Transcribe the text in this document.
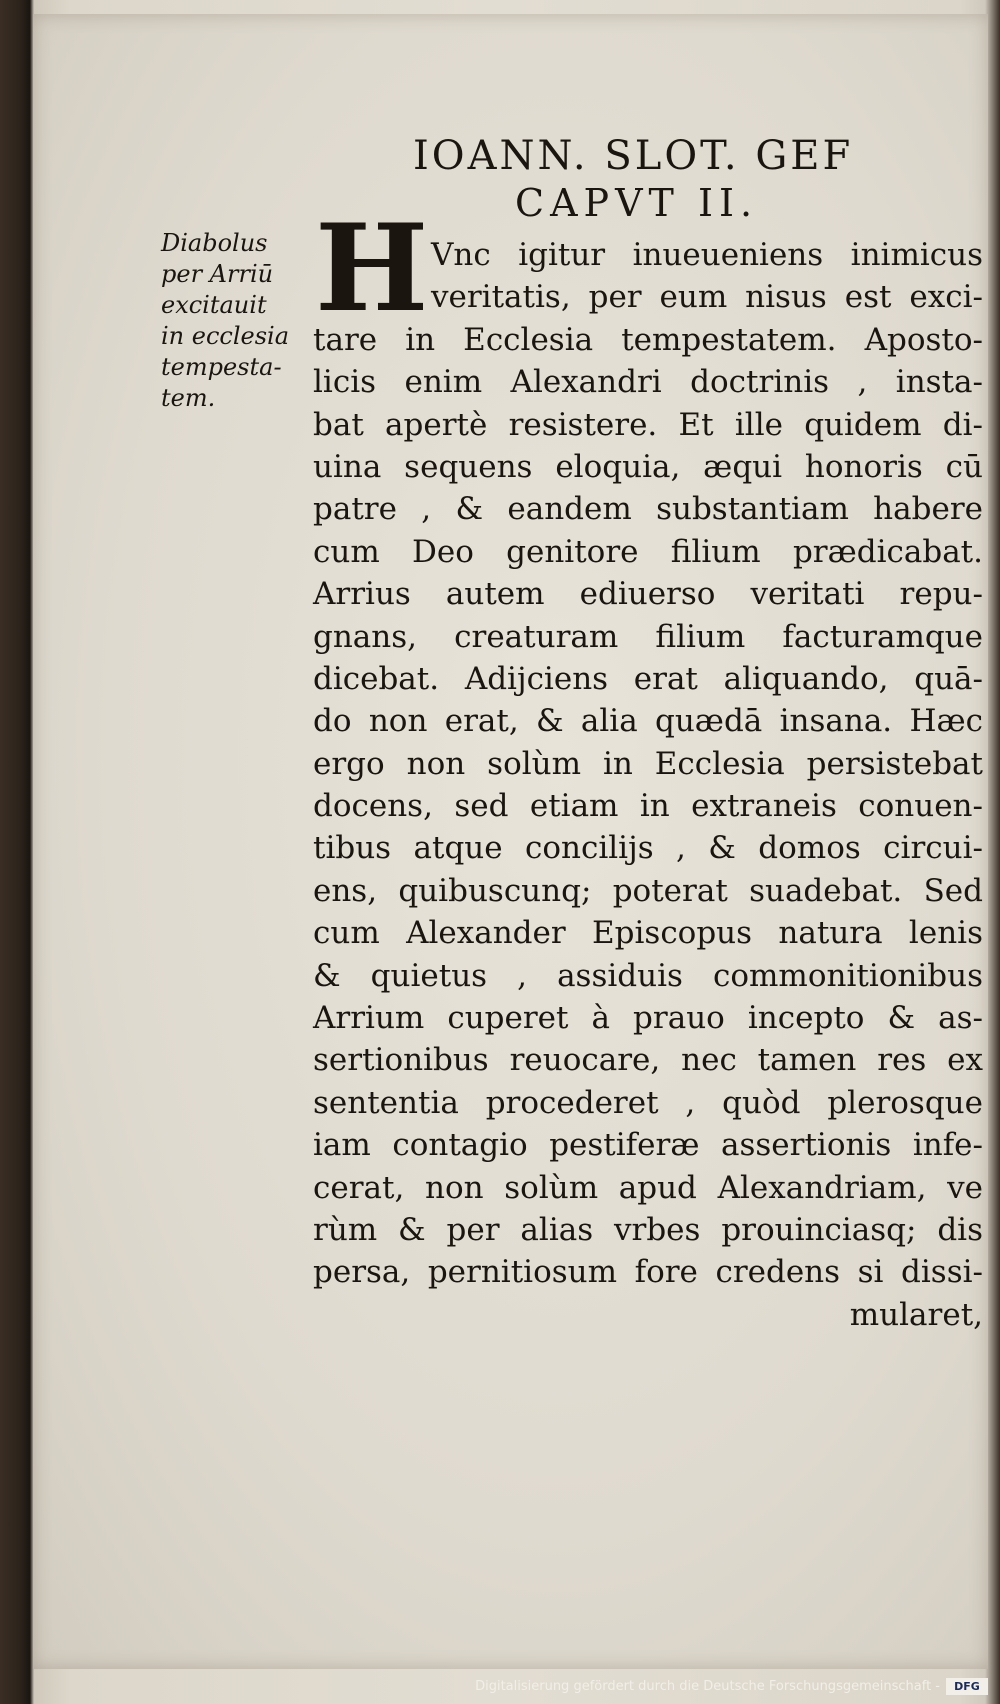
IOANN. SLOT. GEF
CAPVT II.
Diabolus
per Arriū
excitauit
in ecclesia
tempesta-
tem.
H Vnc igitur inueueniens inimicus
veritatis, per eum nisus est exci-
tare in Ecclesia tempestatem. Aposto-
licis enim Alexandri doctrinis , insta-
bat apertè resistere. Et ille quidem di-
uina sequens eloquia, æqui honoris cū
patre , & eandem substantiam habere
cum Deo genitore filium prædicabat.
Arrius autem ediuerso veritati repu-
gnans, creaturam filium facturamque
dicebat. Adijciens erat aliquando, quā-
do non erat, & alia quædā insana. Hæc
ergo non solùm in Ecclesia persistebat
docens, sed etiam in extraneis conuen-
tibus atque concilijs , & domos circui-
ens, quibuscunq; poterat suadebat. Sed
cum Alexander Episcopus natura lenis
& quietus , assiduis commonitionibus
Arrium cuperet à prauo incepto & as-
sertionibus reuocare, nec tamen res ex
sententia procederet , quòd plerosque
iam contagio pestiferæ assertionis infe-
cerat, non solùm apud Alexandriam, ve
rùm & per alias vrbes prouinciasq; dis
persa, pernitiosum fore credens si dissi-
mularet,
Digitalisierung gefördert durch die Deutsche Forschungsgemeinschaft -	DFG
